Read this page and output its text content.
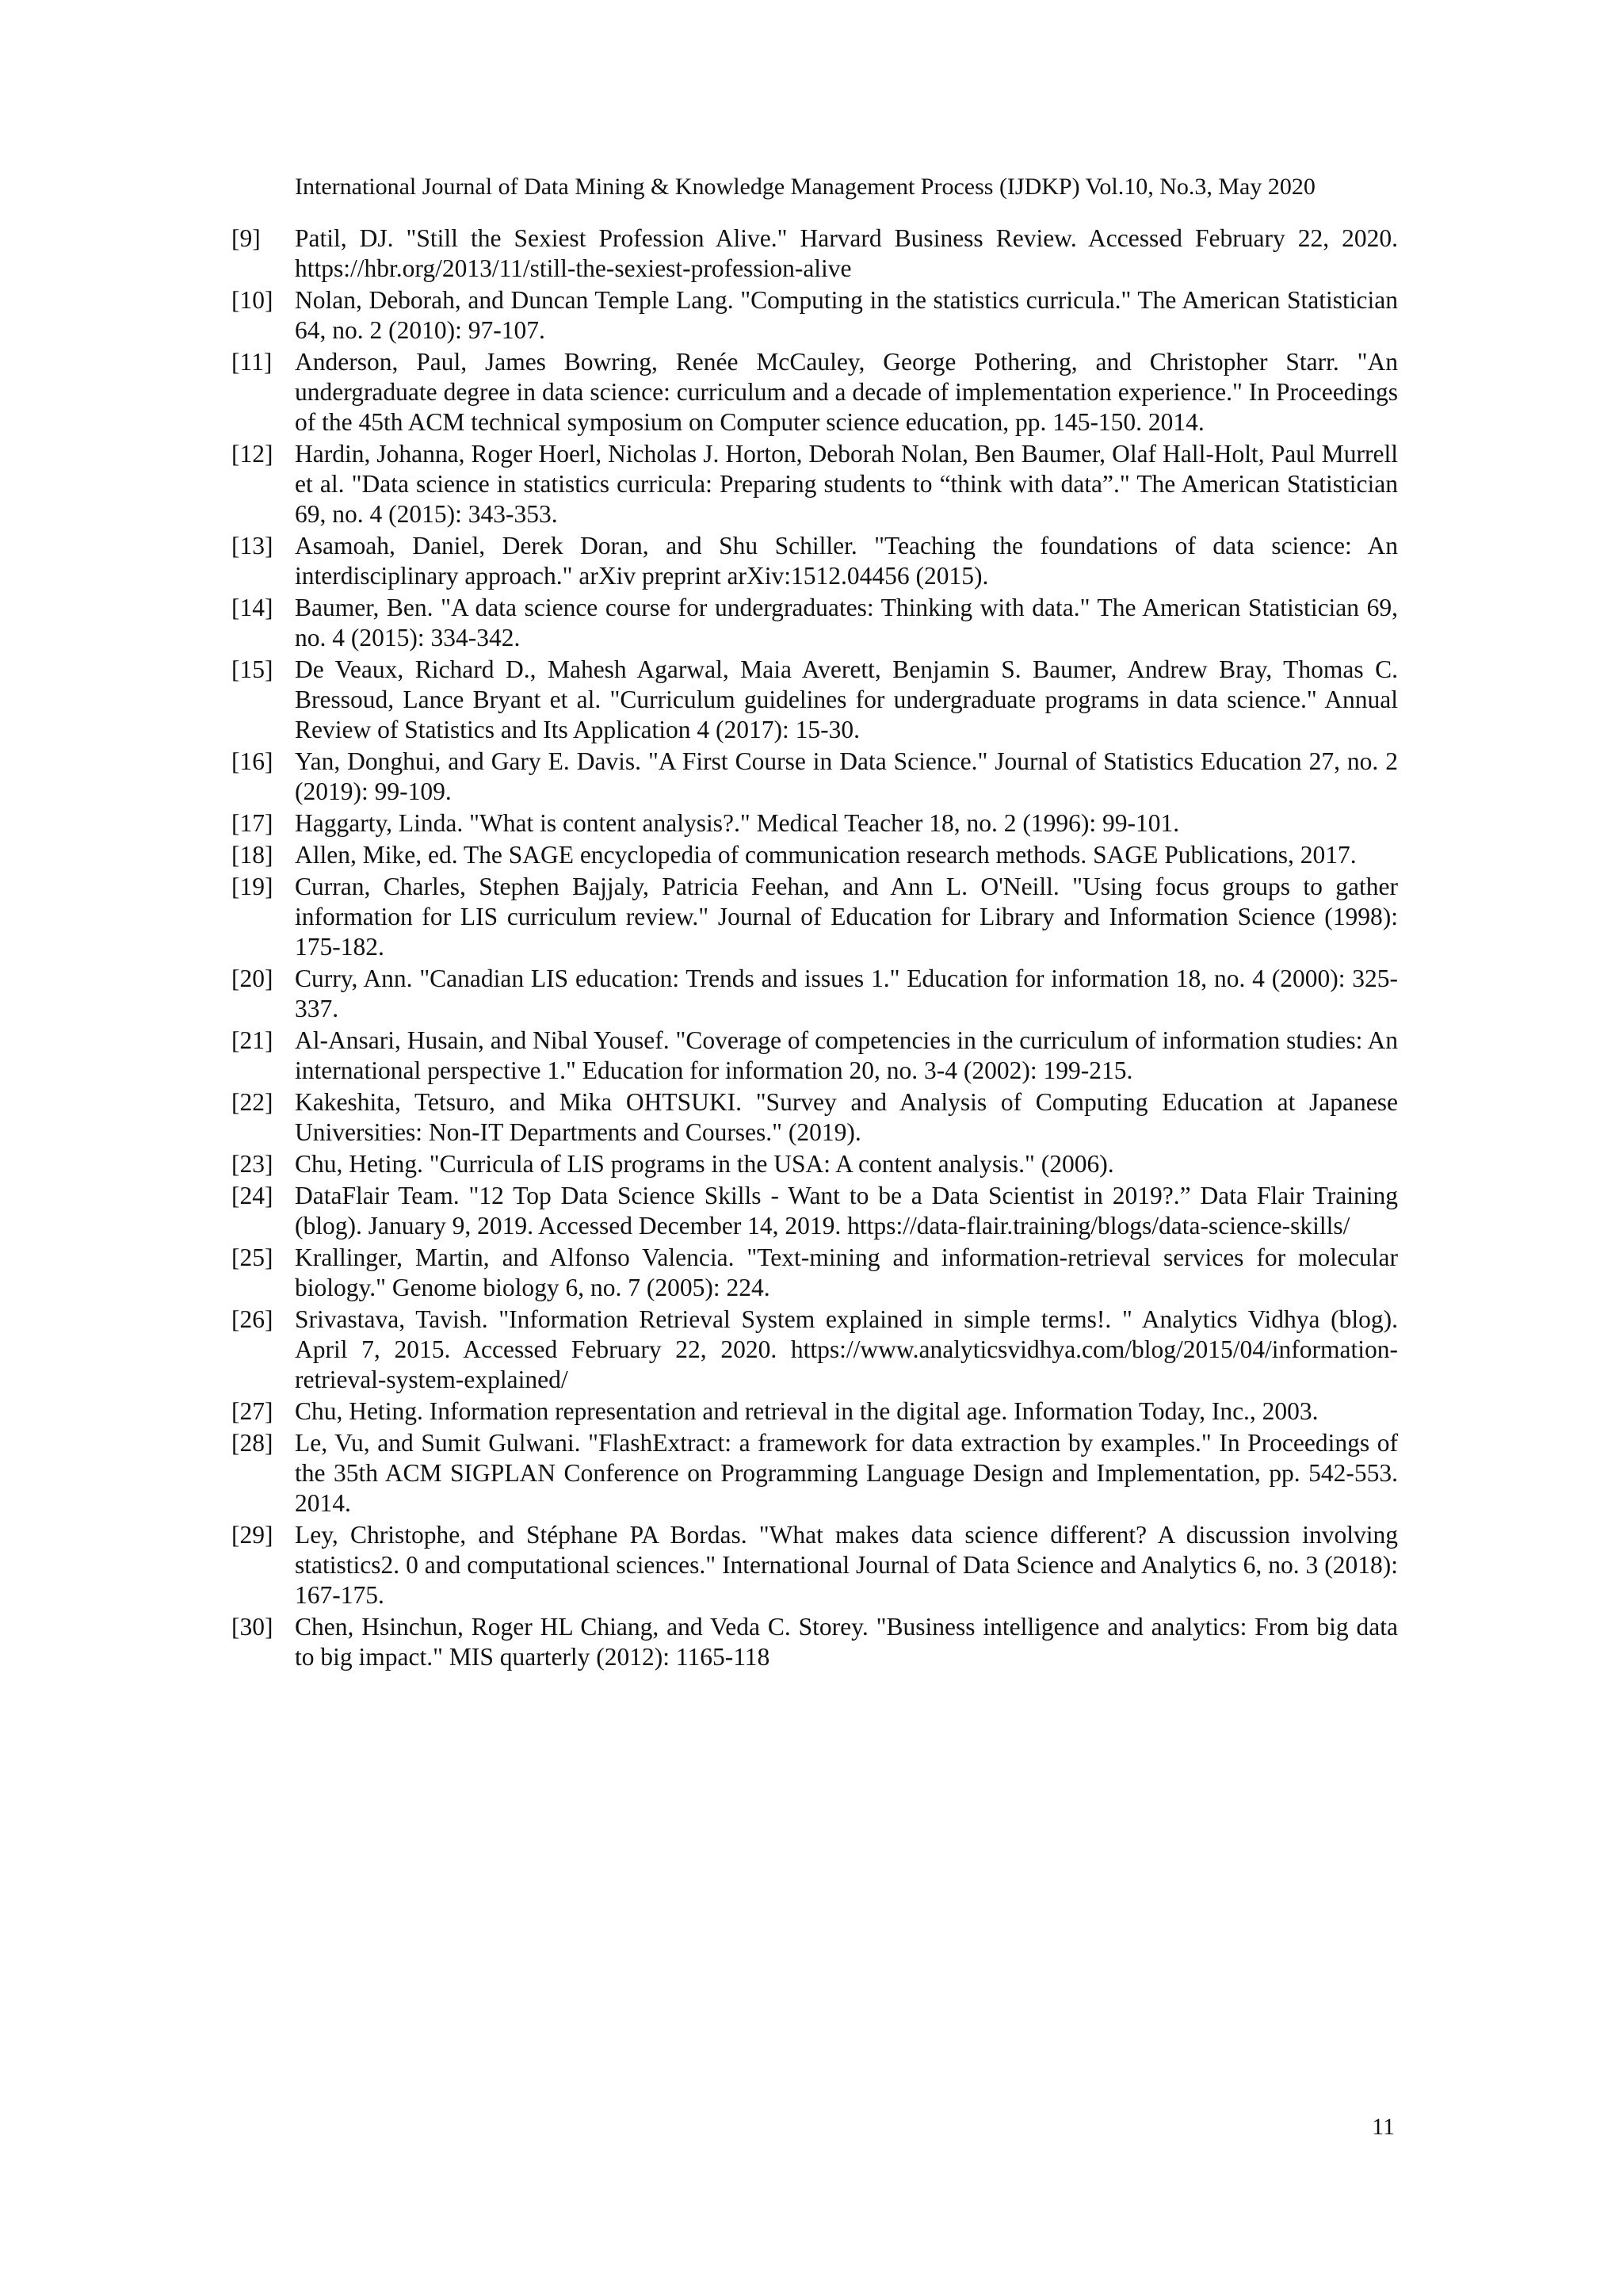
International Journal of Data Mining & Knowledge Management Process (IJDKP) Vol.10, No.3, May 2020
[9] Patil, DJ. "Still the Sexiest Profession Alive." Harvard Business Review. Accessed February 22, 2020. https://hbr.org/2013/11/still-the-sexiest-profession-alive
[10] Nolan, Deborah, and Duncan Temple Lang. "Computing in the statistics curricula." The American Statistician 64, no. 2 (2010): 97-107.
[11] Anderson, Paul, James Bowring, Renée McCauley, George Pothering, and Christopher Starr. "An undergraduate degree in data science: curriculum and a decade of implementation experience." In Proceedings of the 45th ACM technical symposium on Computer science education, pp. 145-150. 2014.
[12] Hardin, Johanna, Roger Hoerl, Nicholas J. Horton, Deborah Nolan, Ben Baumer, Olaf Hall-Holt, Paul Murrell et al. "Data science in statistics curricula: Preparing students to “think with data”." The American Statistician 69, no. 4 (2015): 343-353.
[13] Asamoah, Daniel, Derek Doran, and Shu Schiller. "Teaching the foundations of data science: An interdisciplinary approach." arXiv preprint arXiv:1512.04456 (2015).
[14] Baumer, Ben. "A data science course for undergraduates: Thinking with data." The American Statistician 69, no. 4 (2015): 334-342.
[15] De Veaux, Richard D., Mahesh Agarwal, Maia Averett, Benjamin S. Baumer, Andrew Bray, Thomas C. Bressoud, Lance Bryant et al. "Curriculum guidelines for undergraduate programs in data science." Annual Review of Statistics and Its Application 4 (2017): 15-30.
[16] Yan, Donghui, and Gary E. Davis. "A First Course in Data Science." Journal of Statistics Education 27, no. 2 (2019): 99-109.
[17] Haggarty, Linda. "What is content analysis?." Medical Teacher 18, no. 2 (1996): 99-101.
[18] Allen, Mike, ed. The SAGE encyclopedia of communication research methods. SAGE Publications, 2017.
[19] Curran, Charles, Stephen Bajjaly, Patricia Feehan, and Ann L. O'Neill. "Using focus groups to gather information for LIS curriculum review." Journal of Education for Library and Information Science (1998): 175-182.
[20] Curry, Ann. "Canadian LIS education: Trends and issues 1." Education for information 18, no. 4 (2000): 325-337.
[21] Al-Ansari, Husain, and Nibal Yousef. "Coverage of competencies in the curriculum of information studies: An international perspective 1." Education for information 20, no. 3-4 (2002): 199-215.
[22] Kakeshita, Tetsuro, and Mika OHTSUKI. "Survey and Analysis of Computing Education at Japanese Universities: Non-IT Departments and Courses." (2019).
[23] Chu, Heting. "Curricula of LIS programs in the USA: A content analysis." (2006).
[24] DataFlair Team. "12 Top Data Science Skills - Want to be a Data Scientist in 2019?.” Data Flair Training (blog). January 9, 2019. Accessed December 14, 2019. https://data-flair.training/blogs/data-science-skills/
[25] Krallinger, Martin, and Alfonso Valencia. "Text-mining and information-retrieval services for molecular biology." Genome biology 6, no. 7 (2005): 224.
[26] Srivastava, Tavish. "Information Retrieval System explained in simple terms!. " Analytics Vidhya (blog). April 7, 2015. Accessed February 22, 2020. https://www.analyticsvidhya.com/blog/2015/04/information-retrieval-system-explained/
[27] Chu, Heting. Information representation and retrieval in the digital age. Information Today, Inc., 2003.
[28] Le, Vu, and Sumit Gulwani. "FlashExtract: a framework for data extraction by examples." In Proceedings of the 35th ACM SIGPLAN Conference on Programming Language Design and Implementation, pp. 542-553. 2014.
[29] Ley, Christophe, and Stéphane PA Bordas. "What makes data science different? A discussion involving statistics2. 0 and computational sciences." International Journal of Data Science and Analytics 6, no. 3 (2018): 167-175.
[30] Chen, Hsinchun, Roger HL Chiang, and Veda C. Storey. "Business intelligence and analytics: From big data to big impact." MIS quarterly (2012): 1165-118
11
